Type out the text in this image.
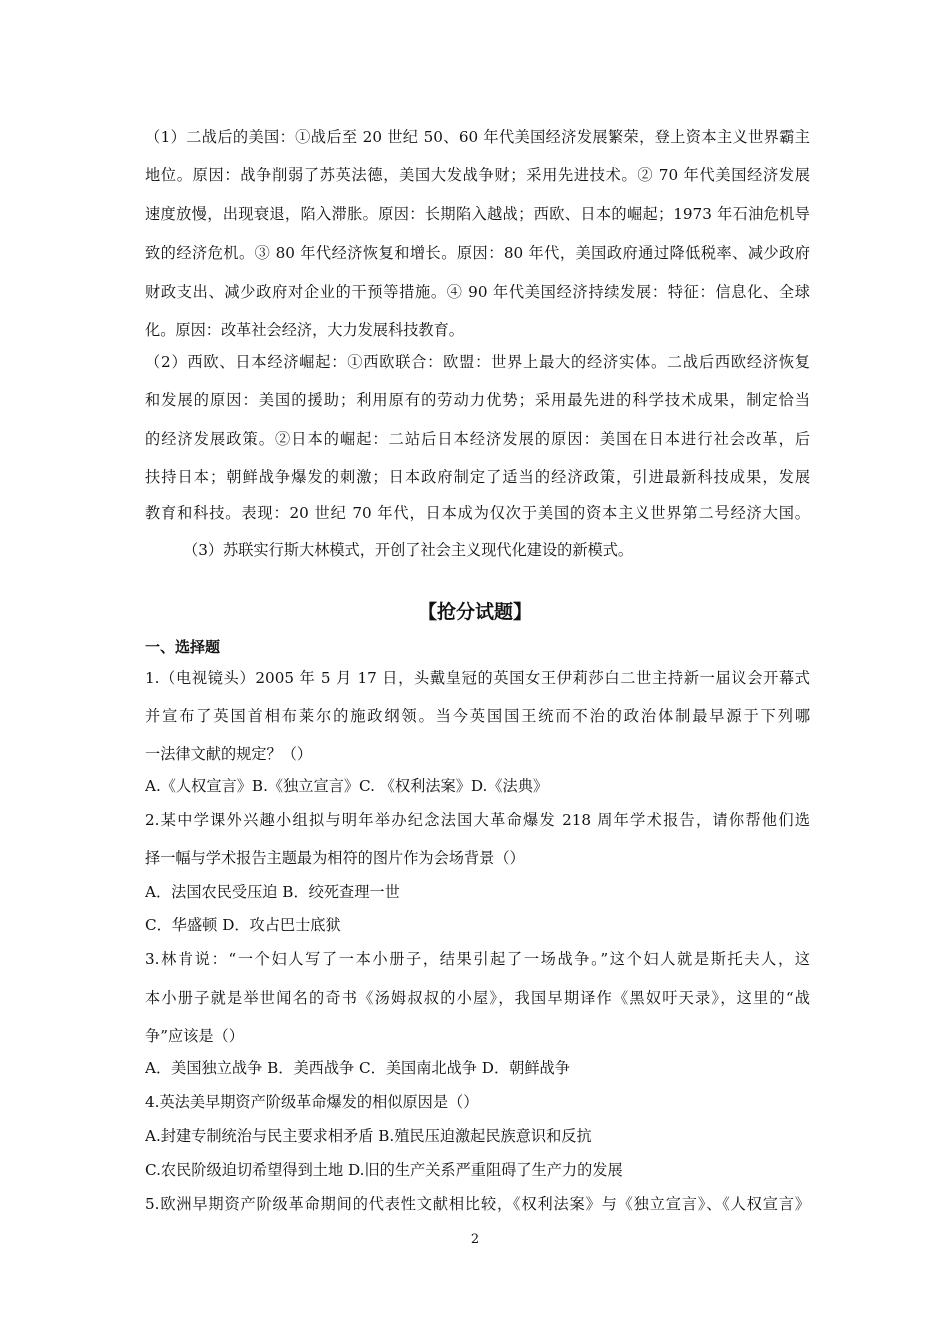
（1）二战后的美国：①战后至 20 世纪 50、60 年代美国经济发展繁荣，登上资本主义世界霸主
地位。原因：战争削弱了苏英法德，美国大发战争财；采用先进技术。② 70 年代美国经济发展
速度放慢，出现衰退，陷入滞胀。原因：长期陷入越战；西欧、日本的崛起；1973 年石油危机导
致的经济危机。③ 80 年代经济恢复和增长。原因：80 年代，美国政府通过降低税率、减少政府
财政支出、减少政府对企业的干预等措施。④ 90 年代美国经济持续发展：特征：信息化、全球
化。原因：改革社会经济，大力发展科技教育。
（2）西欧、日本经济崛起：①西欧联合：欧盟：世界上最大的经济实体。二战后西欧经济恢复
和发展的原因：美国的援助；利用原有的劳动力优势；采用最先进的科学技术成果，制定恰当
的经济发展政策。②日本的崛起：二站后日本经济发展的原因：美国在日本进行社会改革，后
扶持日本；朝鲜战争爆发的刺激；日本政府制定了适当的经济政策，引进最新科技成果，发展
教育和科技。表现：20 世纪 70 年代，日本成为仅次于美国的资本主义世界第二号经济大国。
（3）苏联实行斯大林模式，开创了社会主义现代化建设的新模式。
【抢分试题】
一、选择题
1.（电视镜头）2005 年 5 月 17 日，头戴皇冠的英国女王伊莉莎白二世主持新一届议会开幕式
并宣布了英国首相布莱尔的施政纲领。当今英国国王统而不治的政治体制最早源于下列哪
一法律文献的规定？（）
A.《人权宣言》B.《独立宣言》C. 《权利法案》D.《法典》
2.某中学课外兴趣小组拟与明年举办纪念法国大革命爆发 218 周年学术报告，请你帮他们选
择一幅与学术报告主题最为相符的图片作为会场背景（）
A．法国农民受压迫 B．绞死查理一世
C．华盛顿 D．攻占巴士底狱
3.林肯说：“一个妇人写了一本小册子，结果引起了一场战争。”这个妇人就是斯托夫人，这
本小册子就是举世闻名的奇书《汤姆叔叔的小屋》，我国早期译作《黑奴吁天录》，这里的“战
争”应该是（）
A．美国独立战争 B．美西战争 C．美国南北战争 D．朝鲜战争
4.英法美早期资产阶级革命爆发的相似原因是（）
A.封建专制统治与民主要求相矛盾 B.殖民压迫激起民族意识和反抗
C.农民阶级迫切希望得到土地 D.旧的生产关系严重阻碍了生产力的发展
5.欧洲早期资产阶级革命期间的代表性文献相比较，《权利法案》与《独立宣言》、《人权宣言》
2
